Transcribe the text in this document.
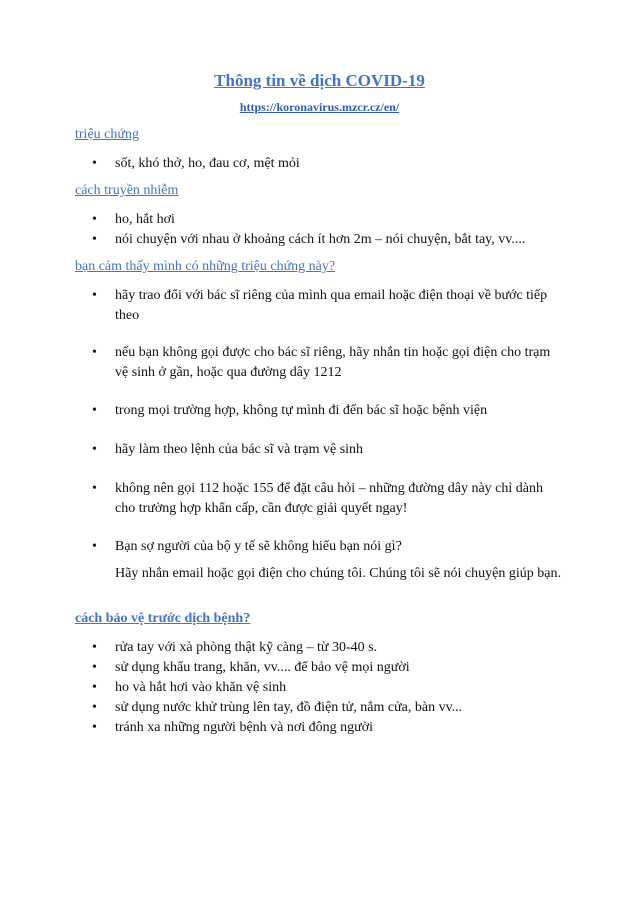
Thông tin về dịch COVID-19
https://koronavirus.mzcr.cz/en/
triệu chứng
• sốt, khó thở, ho, đau cơ, mệt mỏi
cách truyền nhiễm
• ho, hắt hơi
• nói chuyện với nhau ở khoảng cách ít hơn 2m – nói chuyện, bắt tay, vv....
bạn cảm thấy mình có những triệu chứng này?
• hãy trao đổi với bác sĩ riêng của mình qua email hoặc điện thoại về bước tiếp theo
• nếu bạn không gọi được cho bác sĩ riêng, hãy nhắn tin hoặc gọi điện cho trạm vệ sinh ở gần, hoặc qua đường dây 1212
• trong mọi trường hợp, không tự mình đi đến bác sĩ hoặc bệnh viện
• hãy làm theo lệnh của bác sĩ và trạm vệ sinh
• không nên gọi 112 hoặc 155 để đặt câu hỏi – những đường dây này chỉ dành cho trường hợp khẩn cấp, cần được giải quyết ngay!
• Bạn sợ người của bộ y tế sẽ không hiểu bạn nói gì?
Hãy nhắn email hoặc gọi điện cho chúng tôi. Chúng tôi sẽ nói chuyện giúp bạn.
cách bảo vệ trước dịch bệnh?
• rửa tay với xà phòng thật kỹ càng – từ 30-40 s.
• sử dụng khẩu trang, khăn, vv.... để bảo vệ mọi người
• ho và hắt hơi vào khăn vệ sinh
• sử dụng nước khử trùng lên tay, đồ điện tử, nắm cửa, bàn vv...
• tránh xa những người bệnh và nơi đông người
